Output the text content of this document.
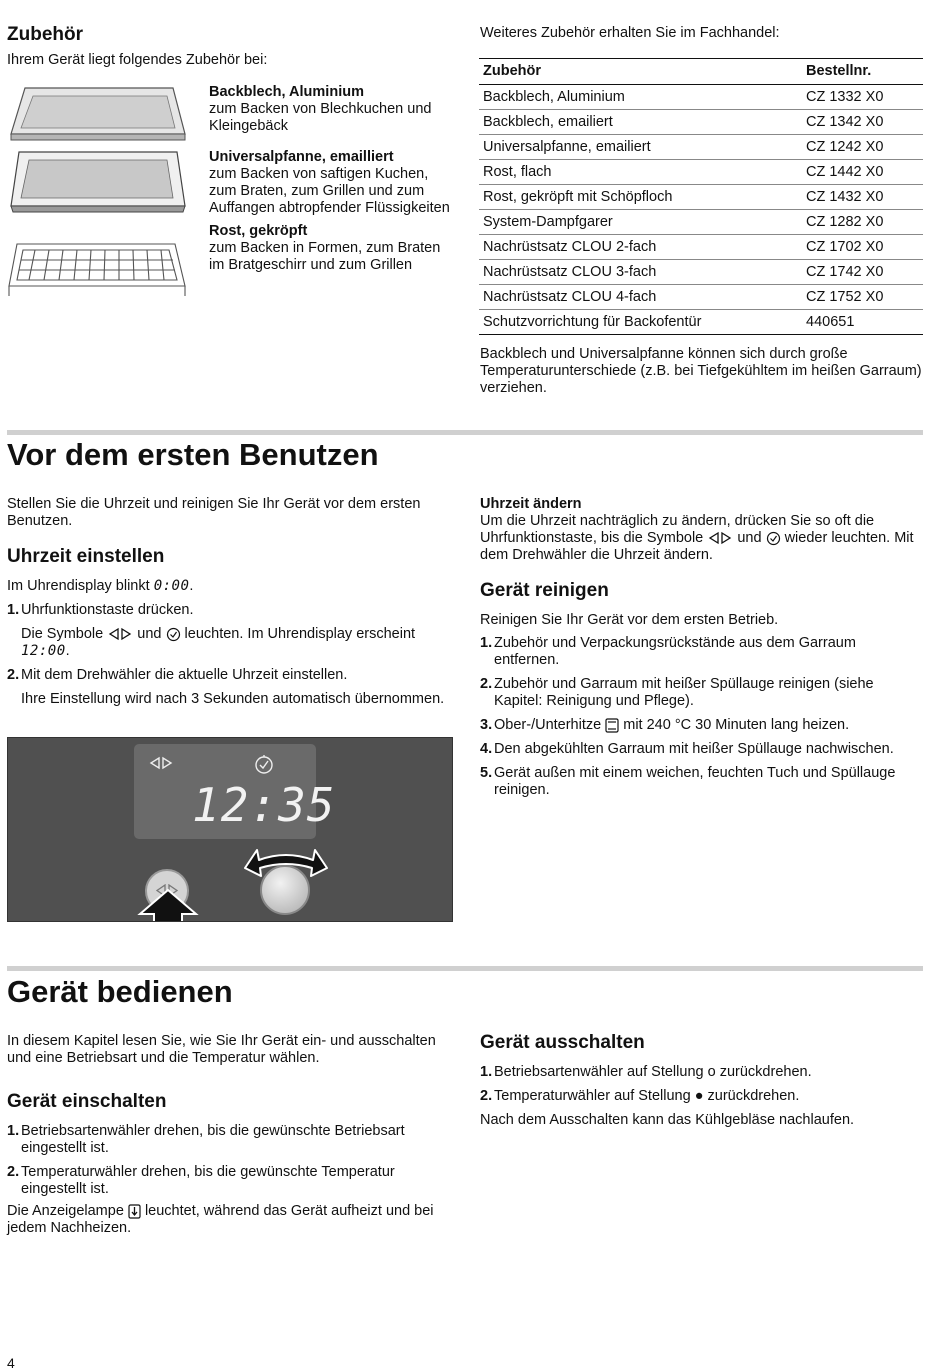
Zubehör

Ihrem Gerät liegt folgendes Zubehör bei:

Backblech, Aluminium
zum Backen von Blechkuchen und Kleingebäck
Universalpfanne, emailliert
zum Backen von saftigen Kuchen, zum Braten, zum Grillen und zum Auffangen abtropfender Flüssigkeiten
Rost, gekröpft
zum Backen in Formen, zum Braten im Bratgeschirr und zum Grillen

Weiteres Zubehör erhalten Sie im Fachhandel:

Zubehör	Bestellnr.
Backblech, Aluminium	CZ 1332 X0
Backblech, emailiert	CZ 1342 X0
Universalpfanne, emailiert	CZ 1242 X0
Rost, flach	CZ 1442 X0
Rost, gekröpft mit Schöpfloch	CZ 1432 X0
System-Dampfgarer	CZ 1282 X0
Nachrüstsatz CLOU 2-fach	CZ 1702 X0
Nachrüstsatz CLOU 3-fach	CZ 1742 X0
Nachrüstsatz CLOU 4-fach	CZ 1752 X0
Schutzvorrichtung für Backofentür	440651

Backblech und Universalpfanne können sich durch große Temperaturunterschiede (z.B. bei Tiefgekühltem im heißen Garraum) verziehen.

Vor dem ersten Benutzen

Stellen Sie die Uhrzeit und reinigen Sie Ihr Gerät vor dem ersten Benutzen.

Uhrzeit einstellen

Im Uhrendisplay blinkt 0:00.

1. Uhrfunktionstaste drücken.

Die Symbole und leuchten. Im Uhrendisplay erscheint 12:00.

2. Mit dem Drehwähler die aktuelle Uhrzeit einstellen.

Ihre Einstellung wird nach 3 Sekunden automatisch übernommen.

12:35
Uhrzeit ändern

Um die Uhrzeit nachträglich zu ändern, drücken Sie so oft die Uhrfunktionstaste, bis die Symbole und wieder leuchten. Mit dem Drehwähler die Uhrzeit ändern.

Gerät reinigen

Reinigen Sie Ihr Gerät vor dem ersten Betrieb.

1. Zubehör und Verpackungsrückstände aus dem Garraum entfernen.
2. Zubehör und Garraum mit heißer Spüllauge reinigen (siehe Kapitel: Reinigung und Pflege).
3. Ober-/Unterhitze mit 240 °C 30 Minuten lang heizen.
4. Den abgekühlten Garraum mit heißer Spüllauge nachwischen.
5. Gerät außen mit einem weichen, feuchten Tuch und Spüllauge reinigen.
Gerät bedienen

In diesem Kapitel lesen Sie, wie Sie Ihr Gerät ein- und ausschalten und eine Betriebsart und die Temperatur wählen.

Gerät einschalten
1. Betriebsartenwähler drehen, bis die gewünschte Betriebsart eingestellt ist.
2. Temperaturwähler drehen, bis die gewünschte Temperatur eingestellt ist.

Die Anzeigelampe leuchtet, während das Gerät aufheizt und bei jedem Nachheizen.

Gerät ausschalten
1. Betriebsartenwähler auf Stellung o zurückdrehen.
2. Temperaturwähler auf Stellung ● zurückdrehen.

Nach dem Ausschalten kann das Kühlgebläse nachlaufen.

4
